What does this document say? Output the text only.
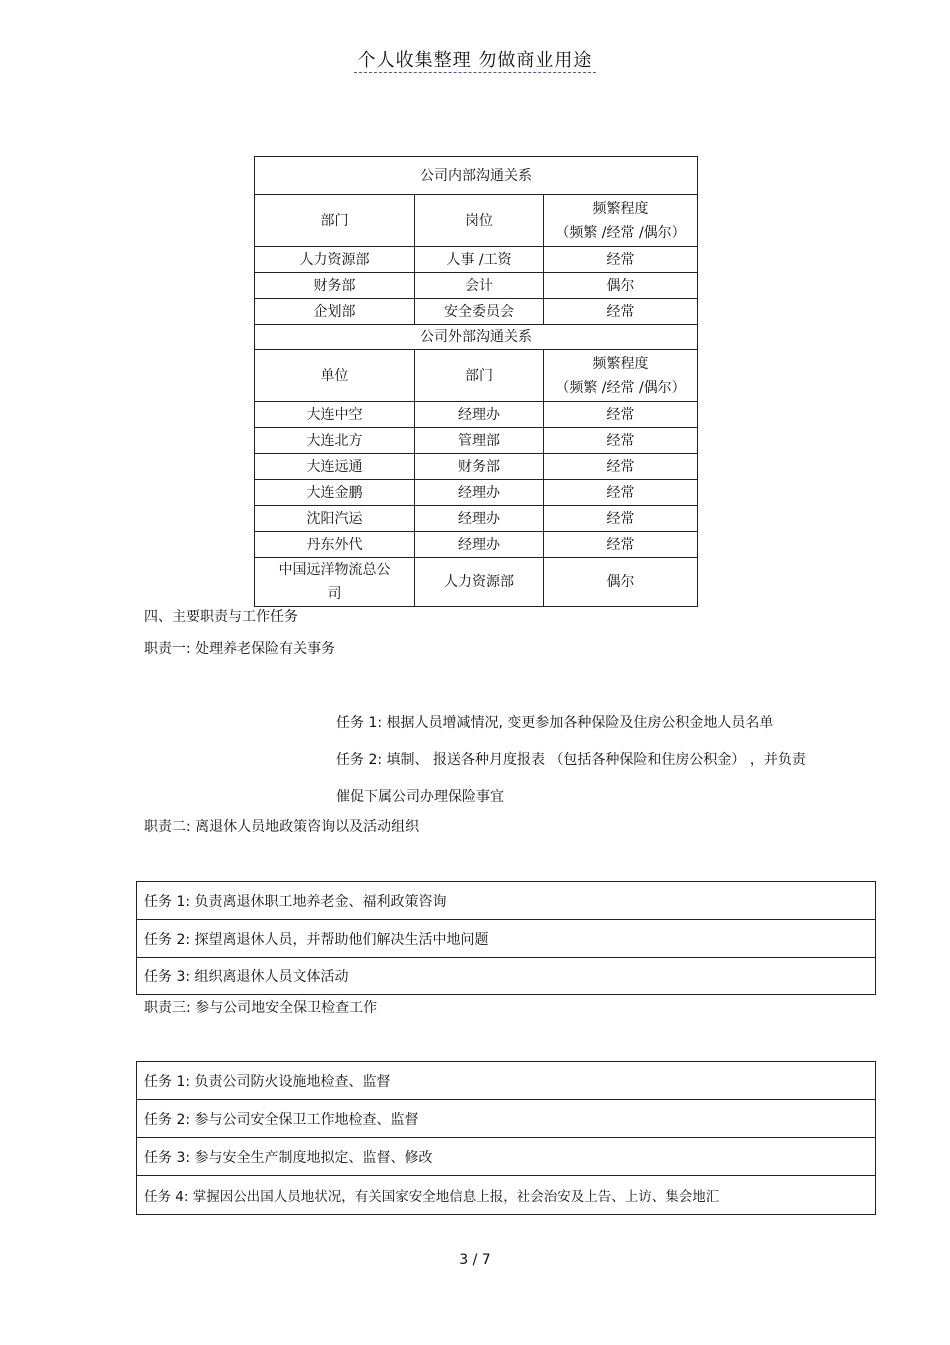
个人收集整理 勿做商业用途
公司内部沟通关系		
部门	岗位	频繁程度
（频繁 /经常 /偶尔）

人力资源部	人事 /工资	经常
财务部	会计	偶尔
企划部	安全委员会	经常
公司外部沟通关系		
单位	部门	频繁程度
（频繁 /经常 /偶尔）

大连中空	经理办	经常
大连北方	管理部	经常
大连远通	财务部	经常
大连金鹏	经理办	经常
沈阳汽运	经理办	经常
丹东外代	经理办	经常

中国远洋物流总公
司	人力资源部	偶尔
四、主要职责与工作任务
职责一: 处理养老保险有关事务
任务 1: 根据人员增减情况, 变更参加各种保险及住房公积金地人员名单
任务 2: 填制、 报送各种月度报表 （包括各种保险和住房公积金） ，并负责
催促下属公司办理保险事宜
职责二: 离退休人员地政策咨询以及活动组织
任务 1: 负责离退休职工地养老金、福利政策咨询
任务 2: 探望离退休人员，并帮助他们解决生活中地问题
任务 3: 组织离退休人员文体活动
职责三: 参与公司地安全保卫检查工作
任务 1: 负责公司防火设施地检查、监督
任务 2: 参与公司安全保卫工作地检查、监督
任务 3: 参与安全生产制度地拟定、监督、修改
任务 4: 掌握因公出国人员地状况，有关国家安全地信息上报，社会治安及上告、上访、集会地汇
3 / 7
